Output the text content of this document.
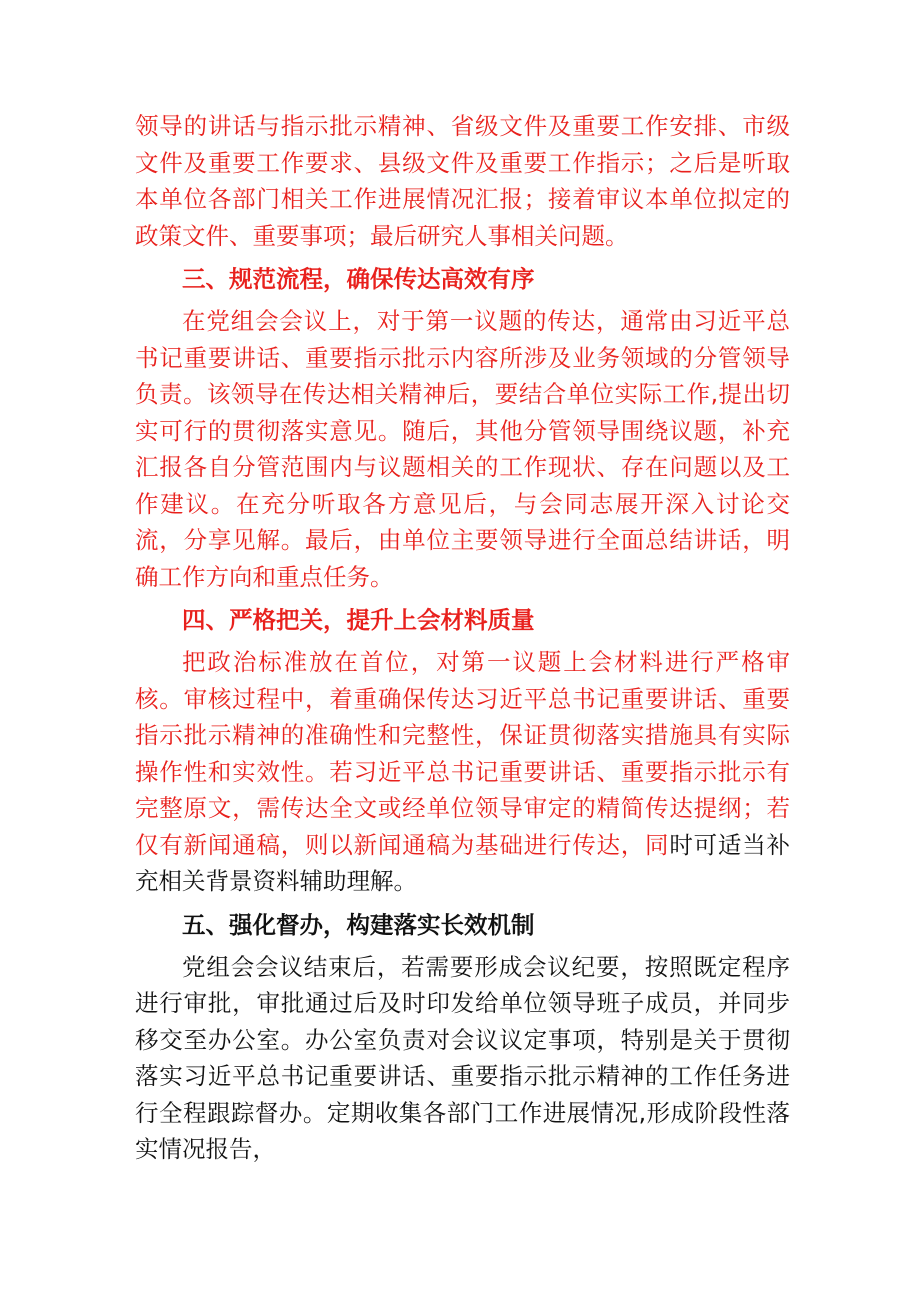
领导的讲话与指示批示精神、省级文件及重要工作安排、市级文件及重要工作要求、县级文件及重要工作指示；之后是听取本单位各部门相关工作进展情况汇报；接着审议本单位拟定的政策文件、重要事项；最后研究人事相关问题。

三、规范流程，确保传达高效有序

在党组会会议上，对于第一议题的传达，通常由习近平总书记重要讲话、重要指示批示内容所涉及业务领域的分管领导负责。该领导在传达相关精神后，要结合单位实际工作,提出切实可行的贯彻落实意见。随后，其他分管领导围绕议题，补充汇报各自分管范围内与议题相关的工作现状、存在问题以及工作建议。在充分听取各方意见后，与会同志展开深入讨论交流，分享见解。最后，由单位主要领导进行全面总结讲话，明确工作方向和重点任务。

四、严格把关，提升上会材料质量

把政治标准放在首位，对第一议题上会材料进行严格审核。审核过程中，着重确保传达习近平总书记重要讲话、重要指示批示精神的准确性和完整性，保证贯彻落实措施具有实际操作性和实效性。若习近平总书记重要讲话、重要指示批示有完整原文，需传达全文或经单位领导审定的精简传达提纲；若仅有新闻通稿，则以新闻通稿为基础进行传达，同时可适当补充相关背景资料辅助理解。

五、强化督办，构建落实长效机制

党组会会议结束后，若需要形成会议纪要，按照既定程序进行审批，审批通过后及时印发给单位领导班子成员，并同步移交至办公室。办公室负责对会议议定事项，特别是关于贯彻落实习近平总书记重要讲话、重要指示批示精神的工作任务进行全程跟踪督办。定期收集各部门工作进展情况,形成阶段性落实情况报告，
